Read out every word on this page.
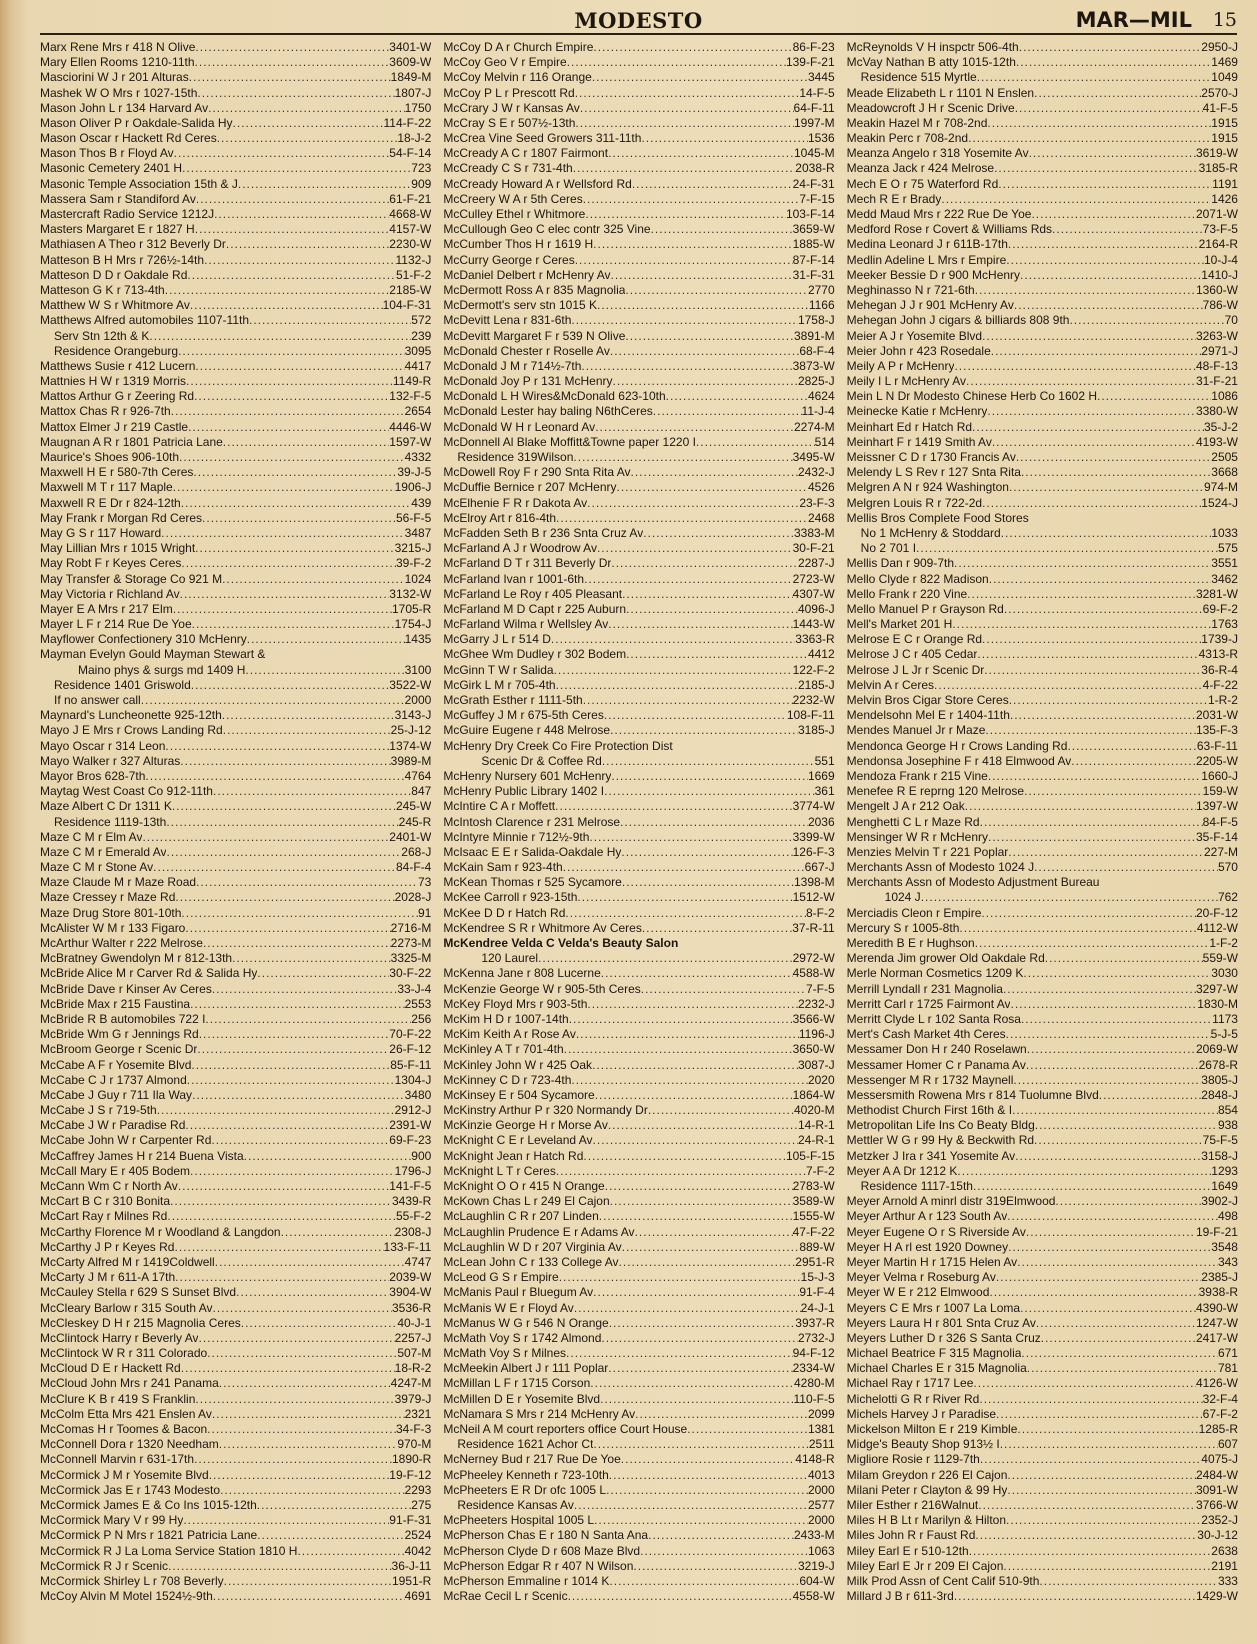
MODESTO	MAR—MIL 15
Marx Rene Mrs r 418 N Olive .....	3401-W
Mary Ellen Rooms 1210-11th .....	3609-W
Masciorini W J r 201 Alturas .....	1849-M
Mashek W O Mrs r 1027-15th .....	1807-J
Mason John L r 134 Harvard Av .....	1750
Mason Oliver P r Oakdale-Salida Hy .....	114-F-22
Mason Oscar r Hackett Rd Ceres .....	18-J-2
Mason Thos B r Floyd Av .....	54-F-14
Masonic Cemetery 2401 H .....	723
Masonic Temple Association 15th & J .....	909
Massera Sam r Standiford Av .....	61-F-21
Mastercraft Radio Service 1212J .....	4668-W
Masters Margaret E r 1827 H .....	4157-W
Mathiasen A Theo r 312 Beverly Dr .....	2230-W
Matteson B H Mrs r 726½-14th .....	1132-J
Matteson D D r Oakdale Rd .....	51-F-2
Matteson G K r 713-4th .....	2185-W
Matthew W S r Whitmore Av .....	104-F-31
Matthews Alfred automobiles 1107-11th .....	572
Serv Stn 12th & K .....	239
Residence Orangeburg .....	3095
Matthews Susie r 412 Lucern .....	4417
Mattnies H W r 1319 Morris .....	1149-R
Mattos Arthur G r Zeering Rd .....	132-F-5
Mattox Chas R r 926-7th .....	2654
Mattox Elmer J r 219 Castle .....	4446-W
Maugnan A R r 1801 Patricia Lane .....	1597-W
Maurice's Shoes 906-10th .....	4332
Maxwell H E r 580-7th Ceres .....	39-J-5
Maxwell M T r 117 Maple .....	1906-J
Maxwell R E Dr r 824-12th .....	439
May Frank r Morgan Rd Ceres .....	56-F-5
May G S r 117 Howard .....	3487
May Lillian Mrs r 1015 Wright .....	3215-J
May Robt F r Keyes Ceres .....	39-F-2
May Transfer & Storage Co 921 M .....	1024
May Victoria r Richland Av .....	3132-W
Mayer E A Mrs r 217 Elm .....	1705-R
Mayer L F r 214 Rue De Yoe .....	1754-J
Mayflower Confectionery 310 McHenry .....	1435
Mayman Evelyn Gould Mayman Stewart &
Maino phys & surgs md 1409 H .....	3100
Residence 1401 Griswold .....	3522-W
If no answer call .....	2000
Maynard's Luncheonette 925-12th .....	3143-J
Mayo J E Mrs r Crows Landing Rd .....	25-J-12
Mayo Oscar r 314 Leon .....	1374-W
Mayo Walker r 327 Alturas .....	3989-M
Mayor Bros 628-7th .....	4764
Maytag West Coast Co 912-11th .....	847
Maze Albert C Dr 1311 K .....	245-W
Residence 1119-13th .....	245-R
Maze C M r Elm Av .....	2401-W
Maze C M r Emerald Av .....	268-J
Maze C M r Stone Av .....	84-F-4
Maze Claude M r Maze Road .....	73
Maze Cressey r Maze Rd .....	2028-J
Maze Drug Store 801-10th .....	91
McAlister W M r 133 Figaro .....	2716-M
McArthur Walter r 222 Melrose .....	2273-M
McBratney Gwendolyn M r 812-13th .....	3325-M
McBride Alice M r Carver Rd & Salida Hy .....	30-F-22
McBride Dave r Kinser Av Ceres .....	33-J-4
McBride Max r 215 Faustina .....	2553
McBride R B automobiles 722 I .....	256
McBride Wm G r Jennings Rd .....	70-F-22
McBroom George r Scenic Dr .....	26-F-12
McCabe A F r Yosemite Blvd .....	85-F-11
McCabe C J r 1737 Almond .....	1304-J
McCabe J Guy r 711 Ila Way .....	3480
McCabe J S r 719-5th .....	2912-J
McCabe J W r Paradise Rd .....	2391-W
McCabe John W r Carpenter Rd .....	69-F-23
McCaffrey James H r 214 Buena Vista .....	900
McCall Mary E r 405 Bodem .....	1796-J
McCann Wm C r North Av .....	141-F-5
McCart B C r 310 Bonita .....	3439-R
McCart Ray r Milnes Rd .....	55-F-2
McCarthy Florence M r Woodland & Langdon .....	2308-J
McCarthy J P r Keyes Rd .....	133-F-11
McCarty Alfred M r 1419Coldwell .....	4747
McCarty J M r 611-A 17th .....	2039-W
McCauley Stella r 629 S Sunset Blvd .....	3904-W
McCleary Barlow r 315 South Av .....	3536-R
McCleskey D H r 215 Magnolia Ceres .....	40-J-1
McClintock Harry r Beverly Av .....	2257-J
McClintock W R r 311 Colorado .....	507-M
McCloud D E r Hackett Rd .....	18-R-2
McCloud John Mrs r 241 Panama .....	4247-M
McClure K B r 419 S Franklin .....	3979-J
McColm Etta Mrs 421 Enslen Av .....	2321
McComas H r Toomes & Bacon .....	34-F-3
McConnell Dora r 1320 Needham .....	970-M
McConnell Marvin r 631-17th .....	1890-R
McCormick J M r Yosemite Blvd .....	19-F-12
McCormick Jas E r 1743 Modesto .....	2293
McCormick James E & Co Ins 1015-12th .....	275
McCormick Mary V r 99 Hy .....	91-F-31
McCormick P N Mrs r 1821 Patricia Lane .....	2524
McCormick R J La Loma Service Station 1810 H .....	4042
McCormick R J r Scenic .....	36-J-11
McCormick Shirley L r 708 Beverly .....	1951-R
McCoy Alvin M Motel 1524½-9th .....	4691
McCoy D A r Church Empire .....	86-F-23
McCoy Geo V r Empire .....	139-F-21
McCoy Melvin r 116 Orange .....	3445
McCoy P L r Prescott Rd .....	14-F-5
McCrary J W r Kansas Av .....	64-F-11
McCray S E r 507½-13th .....	1997-M
McCrea Vine Seed Growers 311-11th .....	1536
McCready A C r 1807 Fairmont .....	1045-M
McCready C S r 731-4th .....	2038-R
McCready Howard A r Wellsford Rd .....	24-F-31
McCreery W A r 5th Ceres .....	7-F-15
McCulley Ethel r Whitmore .....	103-F-14
McCullough Geo C elec contr 325 Vine .....	3659-W
McCumber Thos H r 1619 H .....	1885-W
McCurry George r Ceres .....	87-F-14
McDaniel Delbert r McHenry Av .....	31-F-31
McDermott Ross A r 835 Magnolia .....	2770
McDermott's serv stn 1015 K .....	1166
McDevitt Lena r 831-6th .....	1758-J
McDevitt Margaret F r 539 N Olive .....	3891-M
McDonald Chester r Roselle Av .....	68-F-4
McDonald J M r 714½-7th .....	3873-W
McDonald Joy P r 131 McHenry .....	2825-J
McDonald L H Wires&McDonald 623-10th .....	4624
McDonald Lester hay baling N6thCeres .....	11-J-4
McDonald W H r Leonard Av .....	2274-M
McDonnell Al Blake Moffitt&Towne paper 1220 I .....	514
Residence 319Wilson .....	3495-W
McDowell Roy F r 290 Snta Rita Av .....	2432-J
McDuffie Bernice r 207 McHenry .....	4526
McElhenie F R r Dakota Av .....	23-F-3
McElroy Art r 816-4th .....	2468
McFadden Seth B r 236 Snta Cruz Av .....	3383-M
McFarland A J r Woodrow Av .....	30-F-21
McFarland D T r 311 Beverly Dr .....	2287-J
McFarland Ivan r 1001-6th .....	2723-W
McFarland Le Roy r 405 Pleasant .....	4307-W
McFarland M D Capt r 225 Auburn .....	4096-J
McFarland Wilma r Wellsley Av .....	1443-W
McGarry J L r 514 D .....	3363-R
McGhee Wm Dudley r 302 Bodem .....	4412
McGinn T W r Salida .....	122-F-2
McGirk L M r 705-4th .....	2185-J
McGrath Esther r 1111-5th .....	2232-W
McGuffey J M r 675-5th Ceres .....	108-F-11
McGuire Eugene r 448 Melrose .....	3185-J
McHenry Dry Creek Co Fire Protection Dist
Scenic Dr & Coffee Rd .....	551
McHenry Nursery 601 McHenry .....	1669
McHenry Public Library 1402 I .....	361
McIntire C A r Moffett .....	3774-W
McIntosh Clarence r 231 Melrose .....	2036
McIntyre Minnie r 712½-9th .....	3399-W
McIsaac E E r Salida-Oakdale Hy .....	126-F-3
McKain Sam r 923-4th .....	667-J
McKean Thomas r 525 Sycamore .....	1398-M
McKee Carroll r 923-15th .....	1512-W
McKee D D r Hatch Rd .....	8-F-2
McKendree S R r Whitmore Av Ceres .....	37-R-11
McKendree Velda C Velda's Beauty Salon
120 Laurel .....	2972-W
McKenna Jane r 808 Lucerne .....	4588-W
McKenzie George W r 905-5th Ceres .....	7-F-5
McKey Floyd Mrs r 903-5th .....	2232-J
McKim H D r 1007-14th .....	3566-W
McKim Keith A r Rose Av .....	1196-J
McKinley A T r 701-4th .....	3650-W
McKinley John W r 425 Oak .....	3087-J
McKinney C D r 723-4th .....	2020
McKinsey E r 504 Sycamore .....	1864-W
McKinstry Arthur P r 320 Normandy Dr .....	4020-M
McKinzie George H r Morse Av .....	14-R-1
McKnight C E r Leveland Av .....	24-R-1
McKnight Jean r Hatch Rd .....	105-F-15
McKnight L T r Ceres .....	7-F-2
McKnight O O r 415 N Orange .....	2783-W
McKown Chas L r 249 El Cajon .....	3589-W
McLaughlin C R r 207 Linden .....	1555-W
McLaughlin Prudence E r Adams Av .....	47-F-22
McLaughlin W D r 207 Virginia Av .....	889-W
McLean John C r 133 College Av .....	2951-R
McLeod G S r Empire .....	15-J-3
McManis Paul r Bluegum Av .....	91-F-4
McManis W E r Floyd Av .....	24-J-1
McManus W G r 546 N Orange .....	3937-R
McMath Voy S r 1742 Almond .....	2732-J
McMath Voy S r Milnes .....	94-F-12
McMeekin Albert J r 111 Poplar .....	2334-W
McMillan L F r 1715 Corson .....	4280-M
McMillen D E r Yosemite Blvd .....	110-F-5
McNamara S Mrs r 214 McHenry Av .....	2099
McNeil A M court reporters office Court House .....	1381
Residence 1621 Achor Ct .....	2511
McNerney Bud r 217 Rue De Yoe .....	4148-R
McPheeley Kenneth r 723-10th .....	4013
McPheeters E R Dr ofc 1005 L .....	2000
Residence Kansas Av .....	2577
McPheeters Hospital 1005 L .....	2000
McPherson Chas E r 180 N Santa Ana .....	2433-M
McPherson Clyde D r 608 Maze Blvd .....	1063
McPherson Edgar R r 407 N Wilson .....	3219-J
McPherson Emmaline r 1014 K .....	604-W
McRae Cecil L r Scenic .....	4558-W
McReynolds V H inspctr 506-4th .....	2950-J
McVay Nathan B atty 1015-12th .....	1469
Residence 515 Myrtle .....	1049
Meade Elizabeth L r 1101 N Enslen .....	2570-J
Meadowcroft J H r Scenic Drive .....	41-F-5
Meakin Hazel M r 708-2nd .....	1915
Meakin Perc r 708-2nd .....	1915
Meanza Angelo r 318 Yosemite Av .....	3619-W
Meanza Jack r 424 Melrose .....	3185-R
Mech E O r 75 Waterford Rd .....	1191
Mech R E r Brady .....	1426
Medd Maud Mrs r 222 Rue De Yoe .....	2071-W
Medford Rose r Covert & Williams Rds .....	73-F-5
Medina Leonard J r 611B-17th .....	2164-R
Medlin Adeline L Mrs r Empire .....	10-J-4
Meeker Bessie D r 900 McHenry .....	1410-J
Meghinasso N r 721-6th .....	1360-W
Mehegan J J r 901 McHenry Av .....	786-W
Mehegan John J cigars & billiards 808 9th .....	70
Meier A J r Yosemite Blvd .....	3263-W
Meier John r 423 Rosedale .....	2971-J
Meily A P r McHenry .....	48-F-13
Meily I L r McHenry Av .....	31-F-21
Mein L N Dr Modesto Chinese Herb Co 1602 H .....	1086
Meinecke Katie r McHenry .....	3380-W
Meinhart Ed r Hatch Rd .....	35-J-2
Meinhart F r 1419 Smith Av .....	4193-W
Meissner C D r 1730 Francis Av .....	2505
Melendy L S Rev r 127 Snta Rita .....	3668
Melgren A N r 924 Washington .....	974-M
Melgren Louis R r 722-2d .....	1524-J
Mellis Bros Complete Food Stores
No 1 McHenry & Stoddard .....	1033
No 2 701 I .....	575
Mellis Dan r 909-7th .....	3551
Mello Clyde r 822 Madison .....	3462
Mello Frank r 220 Vine .....	3281-W
Mello Manuel P r Grayson Rd .....	69-F-2
Mell's Market 201 H .....	1763
Melrose E C r Orange Rd .....	1739-J
Melrose J C r 405 Cedar .....	4313-R
Melrose J L Jr r Scenic Dr .....	36-R-4
Melvin A r Ceres .....	4-F-22
Melvin Bros Cigar Store Ceres .....	1-R-2
Mendelsohn Mel E r 1404-11th .....	2031-W
Mendes Manuel Jr r Maze .....	135-F-3
Mendonca George H r Crows Landing Rd .....	63-F-11
Mendonsa Josephine F r 418 Elmwood Av .....	2205-W
Mendoza Frank r 215 Vine .....	1660-J
Menefee R E reprng 120 Melrose .....	159-W
Mengelt J A r 212 Oak .....	1397-W
Menghetti C L r Maze Rd .....	84-F-5
Mensinger W R r McHenry .....	35-F-14
Menzies Melvin T r 221 Poplar .....	227-M
Merchants Assn of Modesto 1024 J .....	570
Merchants Assn of Modesto Adjustment Bureau
1024 J .....	762
Merciadis Cleon r Empire .....	20-F-12
Mercury S r 1005-8th .....	4112-W
Meredith B E r Hughson .....	1-F-2
Merenda Jim grower Old Oakdale Rd .....	559-W
Merle Norman Cosmetics 1209 K .....	3030
Merrill Lyndall r 231 Magnolia .....	3297-W
Merritt Carl r 1725 Fairmont Av .....	1830-M
Merritt Clyde L r 102 Santa Rosa .....	1173
Mert's Cash Market 4th Ceres .....	5-J-5
Messamer Don H r 240 Roselawn .....	2069-W
Messamer Homer C r Panama Av .....	2678-R
Messenger M R r 1732 Maynell .....	3805-J
Messersmith Rowena Mrs r 814 Tuolumne Blvd .....	2848-J
Methodist Church First 16th & I .....	854
Metropolitan Life Ins Co Beaty Bldg .....	938
Mettler W G r 99 Hy & Beckwith Rd .....	75-F-5
Metzker J Ira r 341 Yosemite Av .....	3158-J
Meyer A A Dr 1212 K .....	1293
Residence 1117-15th .....	1649
Meyer Arnold A minrl distr 319Elmwood .....	3902-J
Meyer Arthur A r 123 South Av .....	498
Meyer Eugene O r S Riverside Av .....	19-F-21
Meyer H A rl est 1920 Downey .....	3548
Meyer Martin H r 1715 Helen Av .....	343
Meyer Velma r Roseburg Av .....	2385-J
Meyer W E r 212 Elmwood .....	3938-R
Meyers C E Mrs r 1007 La Loma .....	4390-W
Meyers Laura H r 801 Snta Cruz Av .....	1247-W
Meyers Luther D r 326 S Santa Cruz .....	2417-W
Michael Beatrice F 315 Magnolia .....	671
Michael Charles E r 315 Magnolia .....	781
Michael Ray r 1717 Lee .....	4126-W
Michelotti G R r River Rd .....	32-F-4
Michels Harvey J r Paradise .....	67-F-2
Mickelson Milton E r 219 Kimble .....	1285-R
Midge's Beauty Shop 913½ I .....	607
Migliore Rosie r 1129-7th .....	4075-J
Milam Greydon r 226 El Cajon .....	2484-W
Milani Peter r Clayton & 99 Hy .....	3091-W
Miler Esther r 216Walnut .....	3766-W
Miles H B Lt r Marilyn & Hilton .....	2352-J
Miles John R r Faust Rd .....	30-J-12
Miley Earl E r 510-12th .....	2638
Miley Earl E Jr r 209 El Cajon .....	2191
Milk Prod Assn of Cent Calif 510-9th .....	333
Millard J B r 611-3rd .....	1429-W
